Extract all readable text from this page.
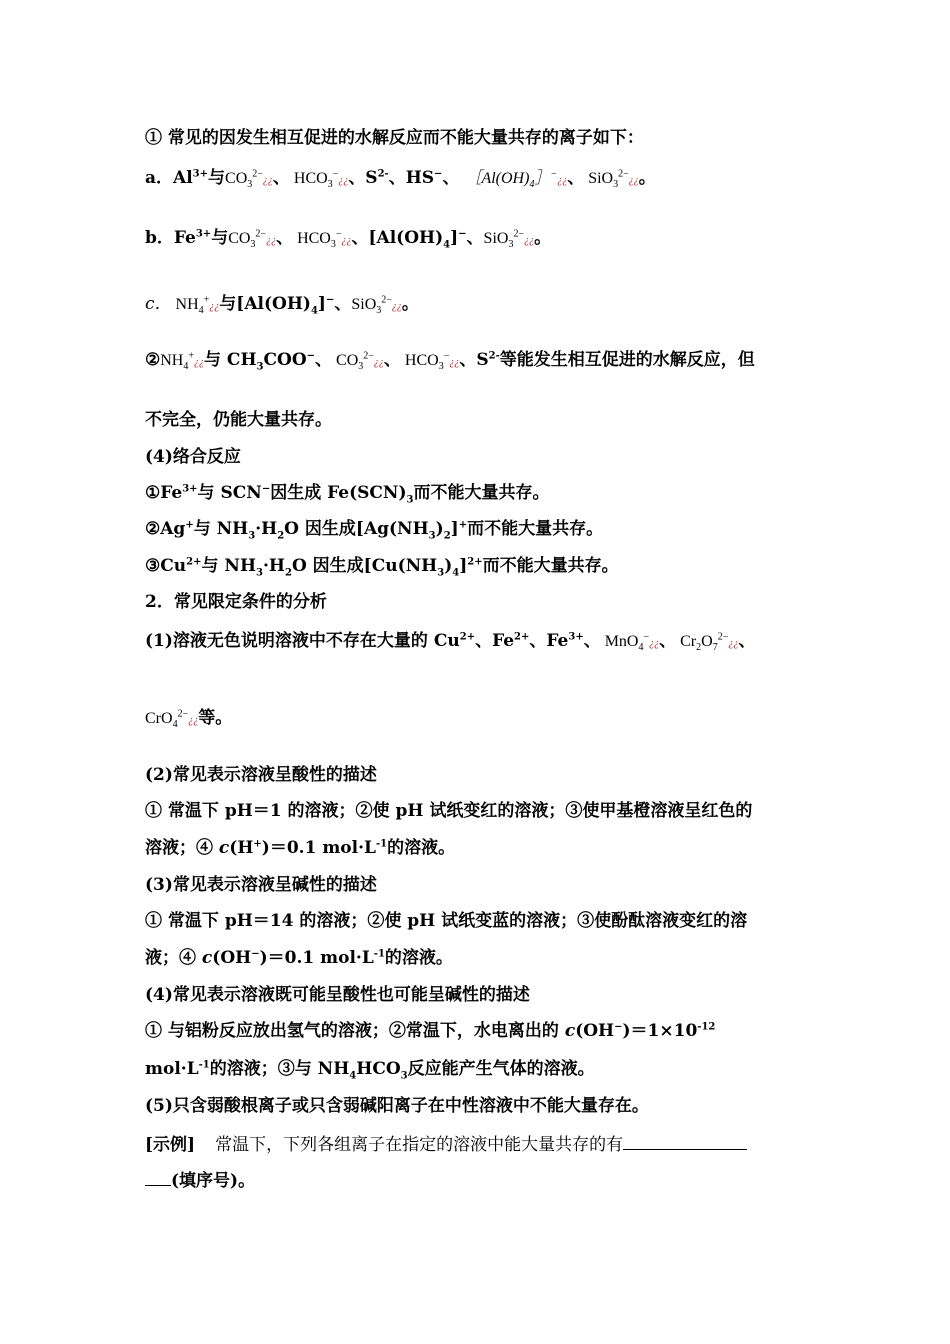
① 常见的因发生相互促进的水解反应而不能大量共存的离子如下：
a．$Al^{3+}$与$CO_3^{2-}¿¿$、 $HCO_3^-¿¿$、$S^{2-}$、HS−、 $[Al(OH)_4]^-¿¿$、 SiO$_3^{2-}$¿¿。
b．$Fe^{3+}$与$CO_3^{2-}¿¿$、 $HCO_3^-¿¿$、$[Al(OH)_4]^-$、SiO$_3^{2-}$¿¿。
c． $NH_4^+¿¿$与$[Al(OH)_4]^-$、SiO$_3^{2-}$¿¿。
$②NH_4^+¿¿$与 $CH_3COO^-$、 $CO_3^{2-}¿¿$、 $HCO_3^-¿¿$、$S^{2-}$等能发生相互促进的水解反应，但
不完全，仍能大量共存。
(4)络合反应
$①Fe^{3+}$与 SCN−因生成 $Fe(SCN)_3$而不能大量共存。
②Ag+与 $NH_3\cdot H_2O$ 因生成$[Ag(NH_3)_2]^+$而不能大量共存。
$③Cu^{2+}$与 $NH_3\cdot H_2O$ 因生成$[Cu(NH_3)_4]^{2+}$而不能大量共存。
2．常见限定条件的分析
(1)溶液无色说明溶液中不存在大量的 $Cu^{2+}$、$Fe^{2+}$、$Fe^{3+}$、 MnO$_4$−¿¿、 $Cr_2O_7^{2-}¿¿$、
CrO$_4^{2-}$¿¿等。
(2)常见表示溶液呈酸性的描述
① 常温下 pH＝1 的溶液；②使 pH 试纸变红的溶液；③使甲基橙溶液呈红色的
溶液；④ c(H+)＝0.1 $mol\cdot L^{-1}$的溶液。
(3)常见表示溶液呈碱性的描述
① 常温下 pH＝14 的溶液；②使 pH 试纸变蓝的溶液；③使酚酞溶液变红的溶
液；④ c(OH−)＝0.1 $mol\cdot L^{-1}$的溶液。
(4)常见表示溶液既可能呈酸性也可能呈碱性的描述
① 与铝粉反应放出氢气的溶液；②常温下，水电离出的 $c(OH^-)=1\times 10^{-12}$
$mol\cdot L^{-1}$的溶液；③与 $NH_4HCO_3$反应能产生气体的溶液。
(5)只含弱酸根离子或只含弱碱阳离子在中性溶液中不能大量存在。
[示例] 常温下，下列各组离子在指定的溶液中能大量共存的有
(填序号)。
